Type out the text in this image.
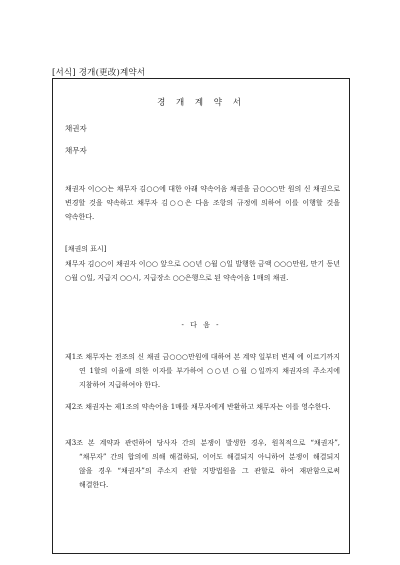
[서식] 경개(更改)계약서
경 개 계 약 서
채권자
채무자
채권자 이○○는 채무자 김○○에 대한 아래 약속어음 채권을 금○○○만 원의 신 채권으로 변경할 것을 약속하고 채무자 김○○은 다음 조항의 규정에 의하여 이를 이행할 것을 약속한다.
[채권의 표시]
채무자 김○○이 채권자 이○○ 앞으로 ○○년 ○월 ○일 발행한 금액 ○○○만원, 만기 동년 ○월 ○일, 지급지 ○○시, 지급장소 ○○은행으로 된 약속어음 1매의 채권.
- 다 음 -
제1조 채무자는 전조의 신 채권 금○○○만원에 대하여 본 계약 일부터 변제 에 이르기까지 연 1할의 이율에 의한 이자를 부가하여 ○○년 ○월 ○일까지 채권자의 주소지에 지참하여 지급하여야 한다.
제2조 채권자는 제1조의 약속어음 1매를 채무자에게 반환하고 채무자는 이를 영수한다.
제3조 본 계약과 관련하여 당사자 간의 분쟁이 발생한 경우, 원칙적으로 “채권자”, “채무자” 간의 합의에 의해 해결하되, 이어도 해결되지 아니하여 분쟁이 해결되지 않을 경우 “채권자”의 주소지 관할 지방법원을 그 관할로 하여 재판함으로써 해결한다.
